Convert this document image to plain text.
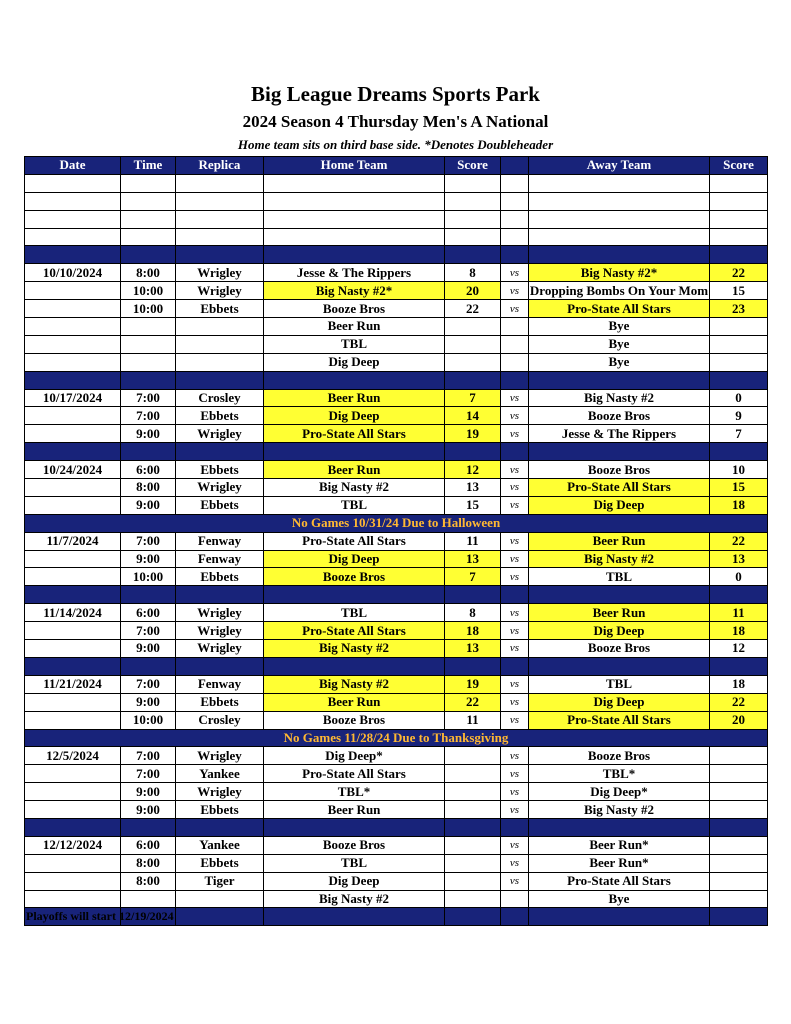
Big League Dreams Sports Park
2024 Season 4 Thursday Men's A National
Home team sits on third base side. *Denotes Doubleheader
Date	Time	Replica	Home Team	Score		Away Team	Score

10/10/2024	8:00	Wrigley	Jesse & The Rippers	8	vs	Big Nasty #2*	22
	10:00	Wrigley	Big Nasty #2*	20	vs	Dropping Bombs On Your Mom	15
	10:00	Ebbets	Booze Bros	22	vs	Pro-State All Stars	23
			Beer Run			Bye	
			TBL			Bye	
			Dig Deep			Bye	

10/17/2024	7:00	Crosley	Beer Run	7	vs	Big Nasty #2	0
	7:00	Ebbets	Dig Deep	14	vs	Booze Bros	9
	9:00	Wrigley	Pro-State All Stars	19	vs	Jesse & The Rippers	7

10/24/2024	6:00	Ebbets	Beer Run	12	vs	Booze Bros	10
	8:00	Wrigley	Big Nasty #2	13	vs	Pro-State All Stars	15
	9:00	Ebbets	TBL	15	vs	Dig Deep	18
No Games 10/31/24 Due to Halloween							
11/7/2024	7:00	Fenway	Pro-State All Stars	11	vs	Beer Run	22
	9:00	Fenway	Dig Deep	13	vs	Big Nasty #2	13
	10:00	Ebbets	Booze Bros	7	vs	TBL	0

11/14/2024	6:00	Wrigley	TBL	8	vs	Beer Run	11
	7:00	Wrigley	Pro-State All Stars	18	vs	Dig Deep	18
	9:00	Wrigley	Big Nasty #2	13	vs	Booze Bros	12

11/21/2024	7:00	Fenway	Big Nasty #2	19	vs	TBL	18
	9:00	Ebbets	Beer Run	22	vs	Dig Deep	22
	10:00	Crosley	Booze Bros	11	vs	Pro-State All Stars	20
No Games 11/28/24 Due to Thanksgiving							
12/5/2024	7:00	Wrigley	Dig Deep*		vs	Booze Bros	
	7:00	Yankee	Pro-State All Stars		vs	TBL*	
	9:00	Wrigley	TBL*		vs	Dig Deep*	
	9:00	Ebbets	Beer Run		vs	Big Nasty #2	

12/12/2024	6:00	Yankee	Booze Bros		vs	Beer Run*	
	8:00	Ebbets	TBL		vs	Beer Run*	
	8:00	Tiger	Dig Deep		vs	Pro-State All Stars	
			Big Nasty #2			Bye	

Playoffs will start 12/19/2024
